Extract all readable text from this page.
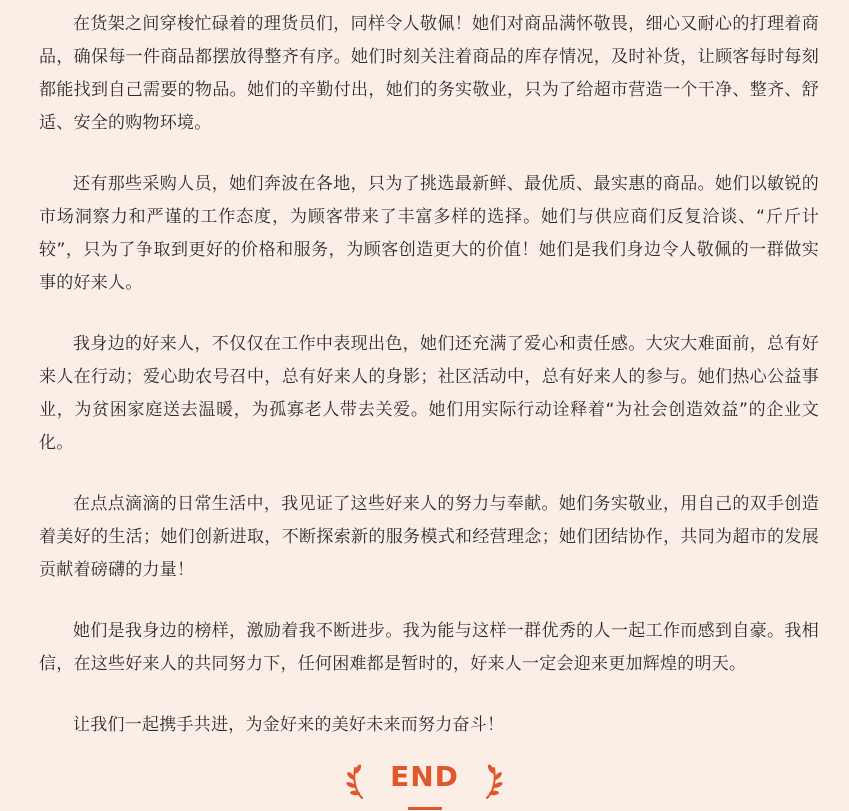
在货架之间穿梭忙碌着的理货员们，同样令人敬佩！她们对商品满怀敬畏，细心又耐心的打理着商品，确保每一件商品都摆放得整齐有序。她们时刻关注着商品的库存情况，及时补货，让顾客每时每刻都能找到自己需要的物品。她们的辛勤付出，她们的务实敬业，只为了给超市营造一个干净、整齐、舒适、安全的购物环境。

还有那些采购人员，她们奔波在各地，只为了挑选最新鲜、最优质、最实惠的商品。她们以敏锐的市场洞察力和严谨的工作态度，为顾客带来了丰富多样的选择。她们与供应商们反复洽谈、“斤斤计较”，只为了争取到更好的价格和服务，为顾客创造更大的价值！她们是我们身边令人敬佩的一群做实事的好来人。

我身边的好来人，不仅仅在工作中表现出色，她们还充满了爱心和责任感。大灾大难面前，总有好来人在行动；爱心助农号召中，总有好来人的身影；社区活动中，总有好来人的参与。她们热心公益事业，为贫困家庭送去温暖，为孤寡老人带去关爱。她们用实际行动诠释着“为社会创造效益”的企业文化。

在点点滴滴的日常生活中，我见证了这些好来人的努力与奉献。她们务实敬业，用自己的双手创造着美好的生活；她们创新进取，不断探索新的服务模式和经营理念；她们团结协作，共同为超市的发展贡献着磅礴的力量！

她们是我身边的榜样，激励着我不断进步。我为能与这样一群优秀的人一起工作而感到自豪。我相信，在这些好来人的共同努力下，任何困难都是暂时的，好来人一定会迎来更加辉煌的明天。

让我们一起携手共进，为金好来的美好未来而努力奋斗！

END
